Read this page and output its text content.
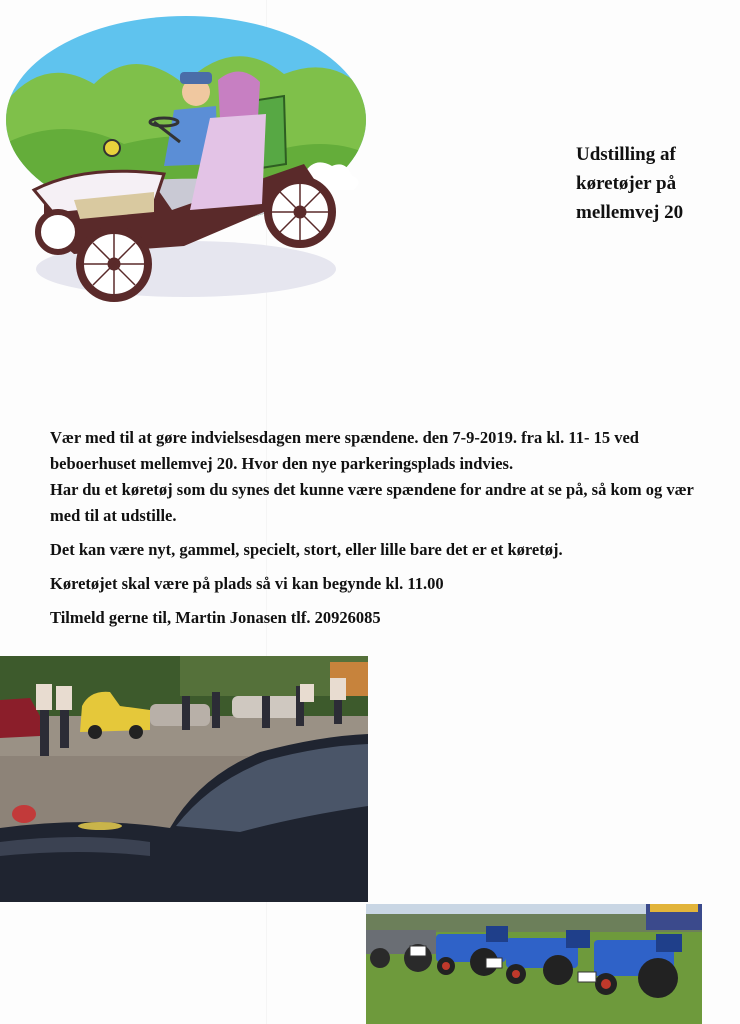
Udstilling af
køretøjer på
mellemvej 20

Vær med til at gøre indvielsesdagen mere spændene. den 7-9-2019. fra kl. 11- 15 ved beboerhuset mellemvej 20. Hvor den nye parkeringsplads indvies.

Har du et køretøj som du synes det kunne være spændene for andre at se på, så kom og vær med til at udstille.

Det kan være nyt, gammel, specielt, stort, eller lille bare det er et køretøj.

Køretøjet skal være på plads så vi kan begynde kl. 11.00

Tilmeld gerne til, Martin Jonasen tlf. 20926085
